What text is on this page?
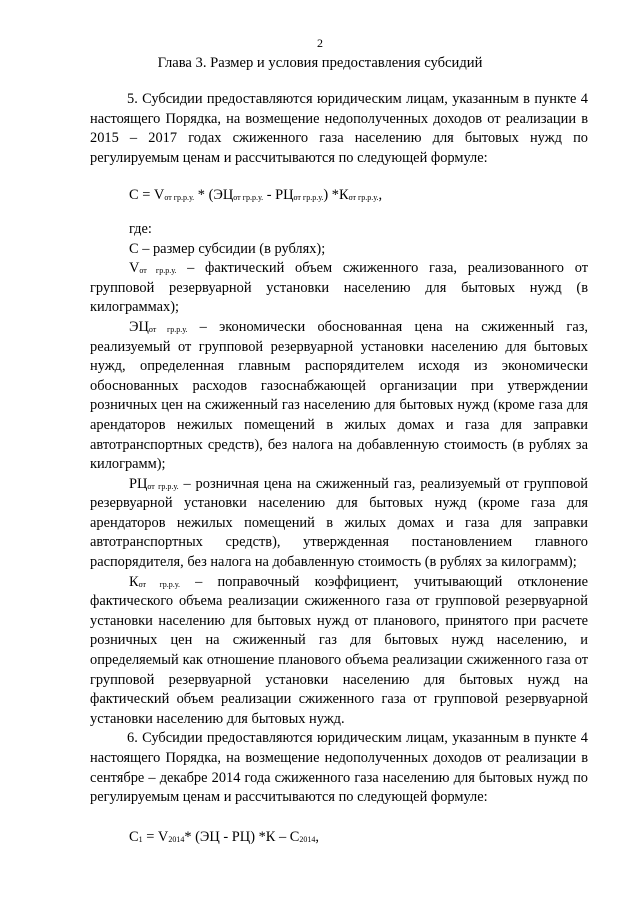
2
Глава 3. Размер и условия предоставления субсидий

5. Субсидии предоставляются юридическим лицам, указанным в пункте 4 настоящего Порядка, на возмещение недополученных доходов от реализации в 2015 – 2017 годах сжиженного газа населению для бытовых нужд по регулируемым ценам и рассчитываются по следующей формуле:

$С = V_{от гр.р.у.} * (ЭЦ_{от гр.р.у.} - РЦ_{от гр.р.у.})$ $*К_{от гр.р.у.}$,

где:

С – размер субсидии (в рублях);

$V_{от гр.р.у.}$ – фактический объем сжиженного газа, реализованного от групповой резервуарной установки населению для бытовых нужд (в килограммах);

$ЭЦ_{от гр.р.у.}$ – экономически обоснованная цена на сжиженный газ, реализуемый от групповой резервуарной установки населению для бытовых нужд, определенная главным распорядителем исходя из экономически обоснованных расходов газоснабжающей организации при утверждении розничных цен на сжиженный газ населению для бытовых нужд (кроме газа для арендаторов нежилых помещений в жилых домах и газа для заправки автотранспортных средств), без налога на добавленную стоимость (в рублях за килограмм);

$РЦ_{от гр.р.у.}$ – розничная цена на сжиженный газ, реализуемый от групповой резервуарной установки населению для бытовых нужд (кроме газа для арендаторов нежилых помещений в жилых домах и газа для заправки автотранспортных средств), утвержденная постановлением главного распорядителя, без налога на добавленную стоимость (в рублях за килограмм);

$К_{от гр.р.у.}$ – поправочный коэффициент, учитывающий отклонение фактического объема реализации сжиженного газа от групповой резервуарной установки населению для бытовых нужд от планового, принятого при расчете розничных цен на сжиженный газ для бытовых нужд населению, и определяемый как отношение планового объема реализации сжиженного газа от групповой резервуарной установки населению для бытовых нужд на фактический объем реализации сжиженного газа от групповой резервуарной установки населению для бытовых нужд.

6. Субсидии предоставляются юридическим лицам, указанным в пункте 4 настоящего Порядка, на возмещение недополученных доходов от реализации в сентябре – декабре 2014 года сжиженного газа населению для бытовых нужд по регулируемым ценам и рассчитываются по следующей формуле:

$С_1 = V_{2014}*$ (ЭЦ - РЦ) $*К - С_{2014}$,
